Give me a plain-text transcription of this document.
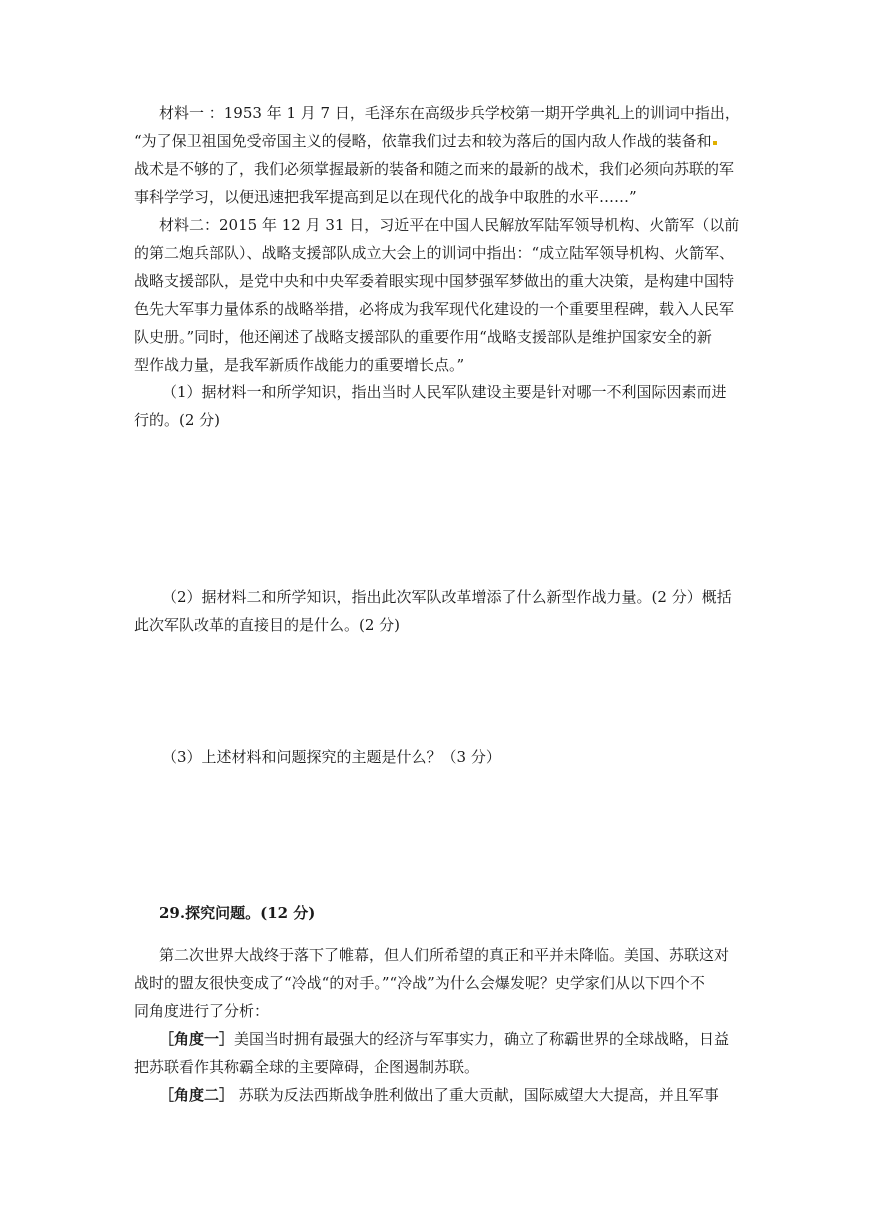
材料一 ：1953 年 1 月 7 日，毛泽东在高级步兵学校第一期开学典礼上的训词中指出，
“为了保卫祖国免受帝国主义的侵略，依靠我们过去和较为落后的国内敌人作战的装备和
战术是不够的了，我们必须掌握最新的装备和随之而来的最新的战术，我们必须向苏联的军
事科学学习，以便迅速把我军提高到足以在现代化的战争中取胜的水平……”
材料二：2015 年 12 月 31 日，习近平在中国人民解放军陆军领导机构、火箭军（以前
的第二炮兵部队）、战略支援部队成立大会上的训词中指出：“成立陆军领导机构、火箭军、
战略支援部队，是党中央和中央军委着眼实现中国梦强军梦做出的重大决策，是构建中国特
色先大军事力量体系的战略举措，必将成为我军现代化建设的一个重要里程碑，载入人民军
队史册。”同时，他还阐述了战略支援部队的重要作用“战略支援部队是维护国家安全的新
型作战力量，是我军新质作战能力的重要增长点。”
（1）据材料一和所学知识，指出当时人民军队建设主要是针对哪一不利国际因素而进
行的。(2 分)
（2）据材料二和所学知识，指出此次军队改革增添了什么新型作战力量。(2 分）概括
此次军队改革的直接目的是什么。(2 分)
（3）上述材料和问题探究的主题是什么？（3 分）
29.探究问题。(12 分)
第二次世界大战终于落下了帷幕，但人们所希望的真正和平并未降临。美国、苏联这对
战时的盟友很快变成了“冷战“的对手。”“冷战”为什么会爆发呢？史学家们从以下四个不
同角度进行了分析：
［角度一］美国当时拥有最强大的经济与军事实力，确立了称霸世界的全球战略，日益
把苏联看作其称霸全球的主要障碍，企图遏制苏联。
［角度二］ 苏联为反法西斯战争胜利做出了重大贡献，国际威望大大提高，并且军事
